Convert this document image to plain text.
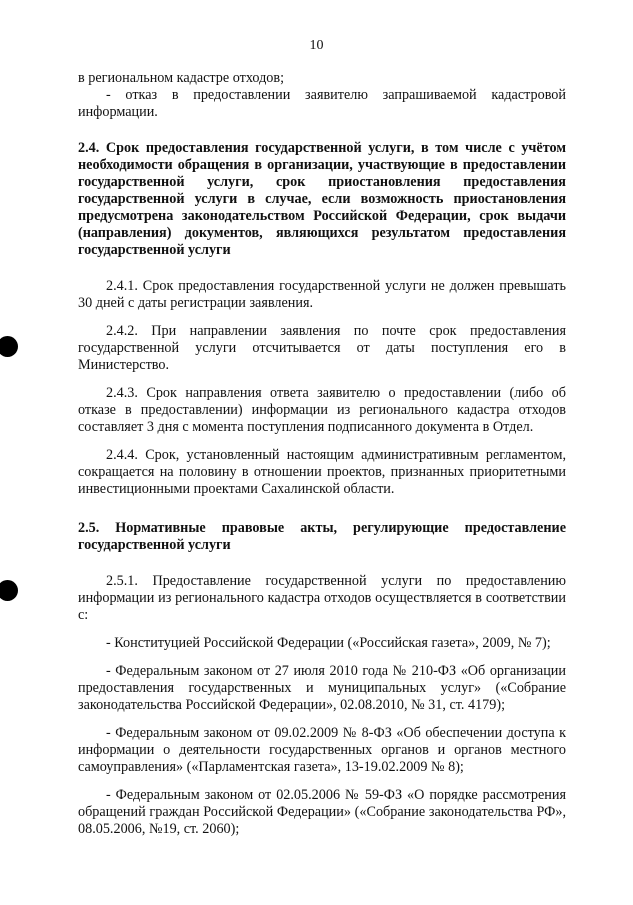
10

в региональном кадастре отходов;

- отказ в предоставлении заявителю запрашиваемой кадастровой информации.

2.4. Срок предоставления государственной услуги, в том числе с учётом необходимости обращения в организации, участвующие в предоставлении государственной услуги, срок приостановления предоставления государственной услуги в случае, если возможность приостановления предусмотрена законодательством Российской Федерации, срок выдачи (направления) документов, являющихся результатом предоставления государственной услуги

2.4.1. Срок предоставления государственной услуги не должен превышать 30 дней с даты регистрации заявления.

2.4.2. При направлении заявления по почте срок предоставления государственной услуги отсчитывается от даты поступления его в Министерство.

2.4.3. Срок направления ответа заявителю о предоставлении (либо об отказе в предоставлении) информации из регионального кадастра отходов составляет 3 дня с момента поступления подписанного документа в Отдел.

2.4.4. Срок, установленный настоящим административным регламентом, сокращается на половину в отношении проектов, признанных приоритетными инвестиционными проектами Сахалинской области.

2.5. Нормативные правовые акты, регулирующие предоставление государственной услуги

2.5.1. Предоставление государственной услуги по предоставлению информации из регионального кадастра отходов осуществляется в соответствии с:

- Конституцией Российской Федерации («Российская газета», 2009, № 7);

- Федеральным законом от 27 июля 2010 года № 210-ФЗ «Об организации предоставления государственных и муниципальных услуг» («Собрание законодательства Российской Федерации», 02.08.2010, № 31, ст. 4179);

- Федеральным законом от 09.02.2009 № 8-ФЗ «Об обеспечении доступа к информации о деятельности государственных органов и органов местного самоуправления» («Парламентская газета», 13-19.02.2009 № 8);

- Федеральным законом от 02.05.2006 № 59-ФЗ «О порядке рассмотрения обращений граждан Российской Федерации» («Собрание законодательства РФ», 08.05.2006, №19, ст. 2060);
